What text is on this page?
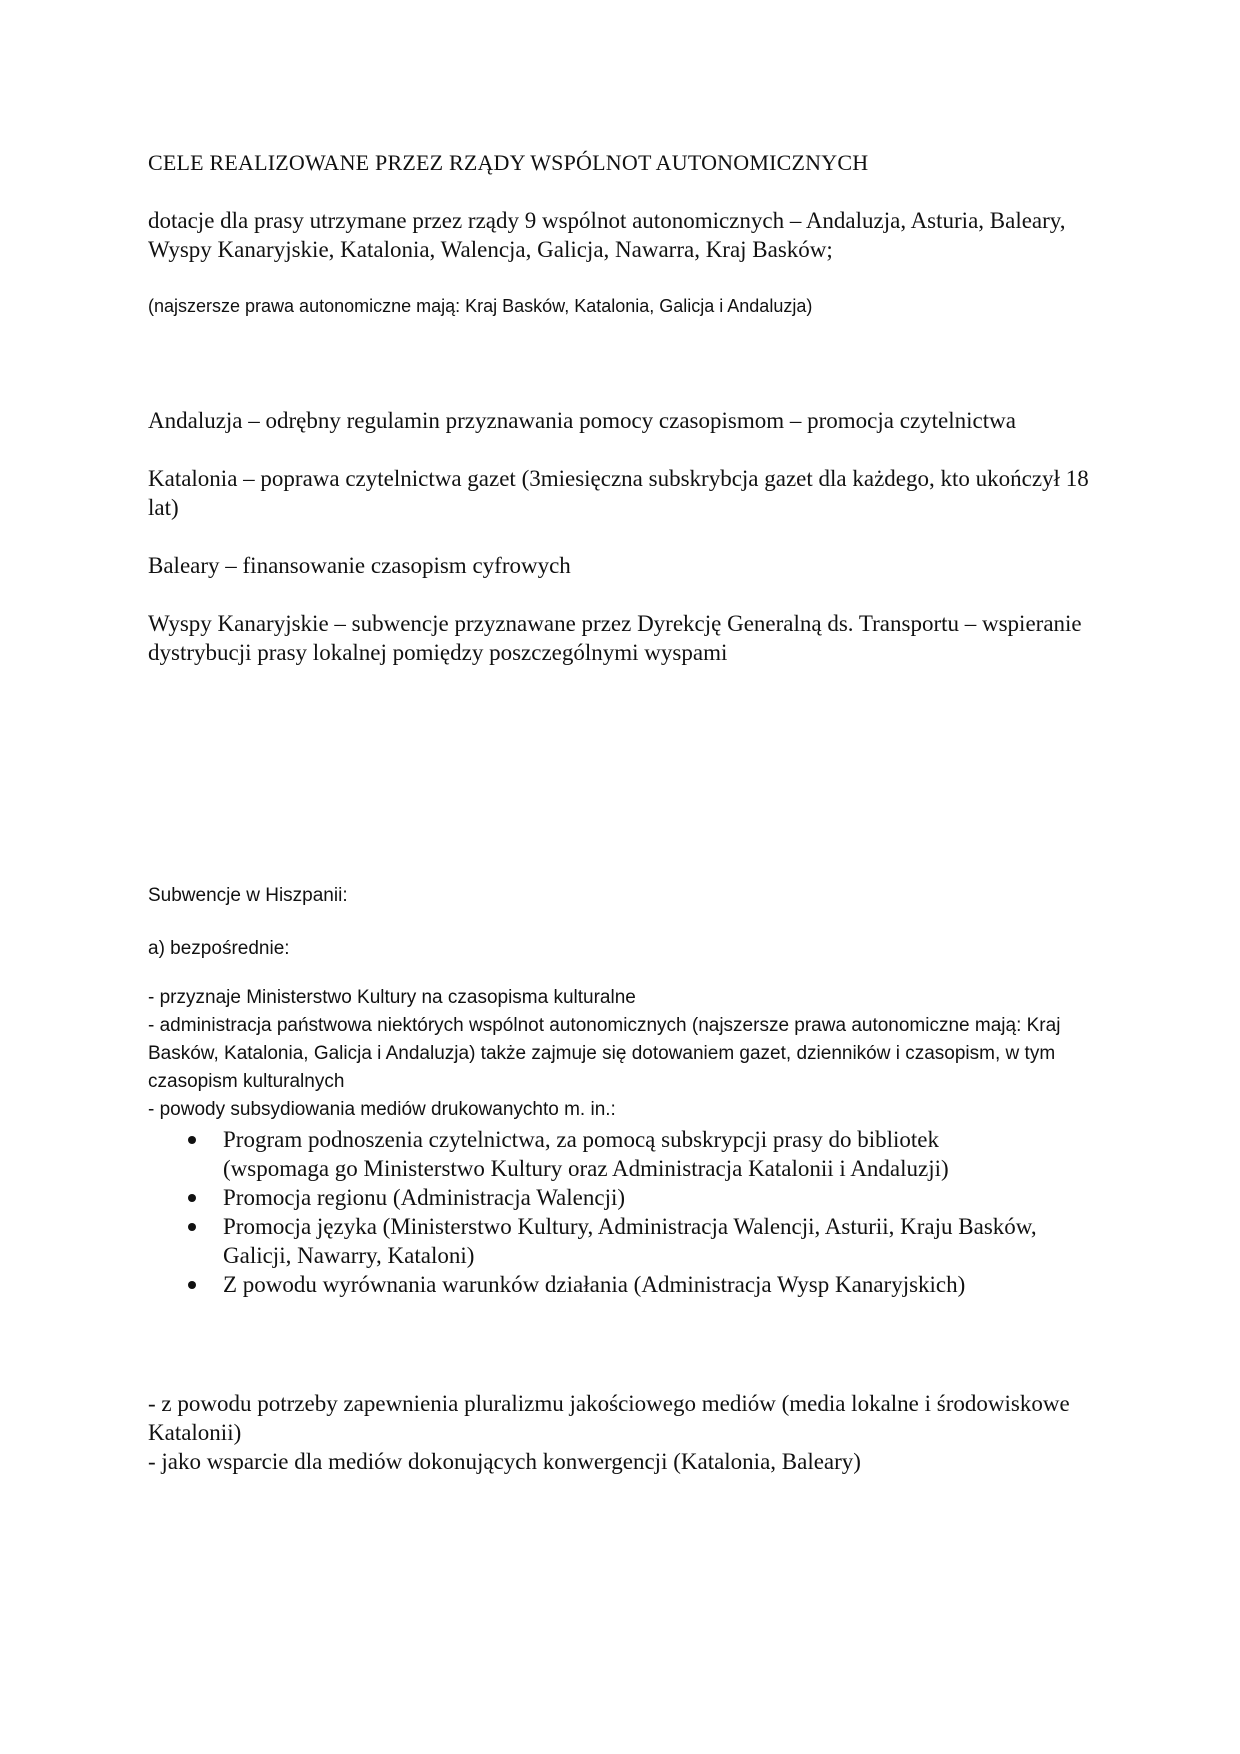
CELE REALIZOWANE PRZEZ RZĄDY WSPÓLNOT AUTONOMICZNYCH

dotacje dla prasy utrzymane przez rządy 9 wspólnot autonomicznych – Andaluzja, Asturia, Baleary, Wyspy Kanaryjskie, Katalonia, Walencja, Galicja, Nawarra, Kraj Basków;

(najszersze prawa autonomiczne mają: Kraj Basków, Katalonia, Galicja i Andaluzja)

Andaluzja – odrębny regulamin przyznawania pomocy czasopismom – promocja czytelnictwa

Katalonia – poprawa czytelnictwa gazet (3miesięczna subskrybcja gazet dla każdego, kto ukończył 18 lat)

Baleary – finansowanie czasopism cyfrowych

Wyspy Kanaryjskie – subwencje przyznawane przez Dyrekcję Generalną ds. Transportu – wspieranie dystrybucji prasy lokalnej pomiędzy poszczególnymi wyspami

Subwencje w Hiszpanii:

a) bezpośrednie:

- przyznaje Ministerstwo Kultury na czasopisma kulturalne
- administracja państwowa niektórych wspólnot autonomicznych (najszersze prawa autonomiczne mają: Kraj Basków, Katalonia, Galicja i Andaluzja) także zajmuje się dotowaniem gazet, dzienników i czasopism, w tym czasopism kulturalnych
- powody subsydiowania mediów drukowanychto m. in.:
Program podnoszenia czytelnictwa, za pomocą subskrypcji prasy do bibliotek (wspomaga go Ministerstwo Kultury oraz Administracja Katalonii i Andaluzji)
Promocja regionu (Administracja Walencji)
Promocja języka (Ministerstwo Kultury, Administracja Walencji, Asturii, Kraju Basków, Galicji, Nawarry, Kataloni)
Z powodu wyrównania warunków działania (Administracja Wysp Kanaryjskich)
- z powodu potrzeby zapewnienia pluralizmu jakościowego mediów (media lokalne i środowiskowe Katalonii)
- jako wsparcie dla mediów dokonujących konwergencji (Katalonia, Baleary)
